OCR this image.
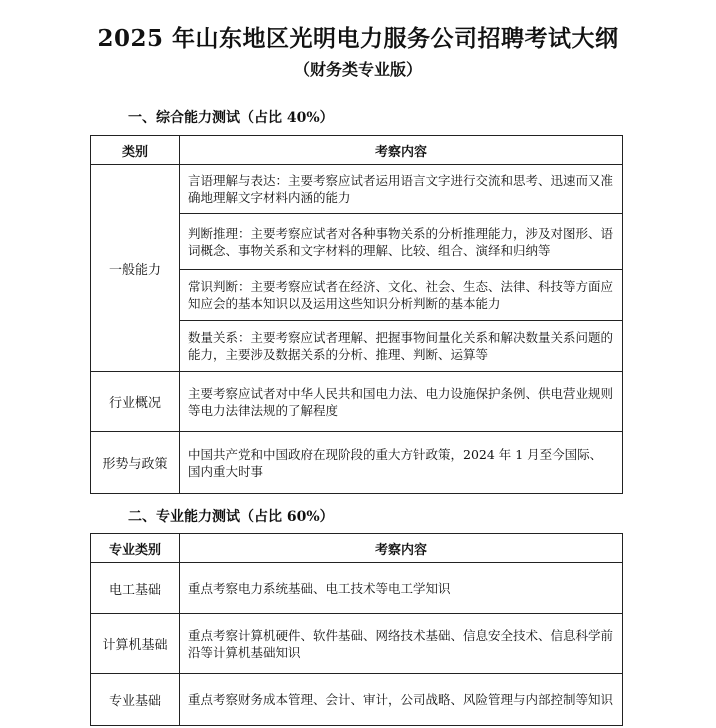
2025 年山东地区光明电力服务公司招聘考试大纲
（财务类专业版）
一、综合能力测试（占比 40%）
类别	考察内容
一般能力	言语理解与表达：主要考察应试者运用语言文字进行交流和思考、迅速而又准确地理解文字材料内涵的能力
	判断推理：主要考察应试者对各种事物关系的分析推理能力，涉及对图形、语词概念、事物关系和文字材料的理解、比较、组合、演绎和归纳等
	常识判断：主要考察应试者在经济、文化、社会、生态、法律、科技等方面应知应会的基本知识以及运用这些知识分析判断的基本能力
	数量关系：主要考察应试者理解、把握事物间量化关系和解决数量关系问题的能力，主要涉及数据关系的分析、推理、判断、运算等
行业概况	主要考察应试者对中华人民共和国电力法、电力设施保护条例、供电营业规则等电力法律法规的了解程度
形势与政策	中国共产党和中国政府在现阶段的重大方针政策，2024 年 1 月至今国际、国内重大时事
二、专业能力测试（占比 60%）
专业类别	考察内容
电工基础	重点考察电力系统基础、电工技术等电工学知识
计算机基础	重点考察计算机硬件、软件基础、网络技术基础、信息安全技术、信息科学前沿等计算机基础知识
专业基础	重点考察财务成本管理、会计、审计，公司战略、风险管理与内部控制等知识
